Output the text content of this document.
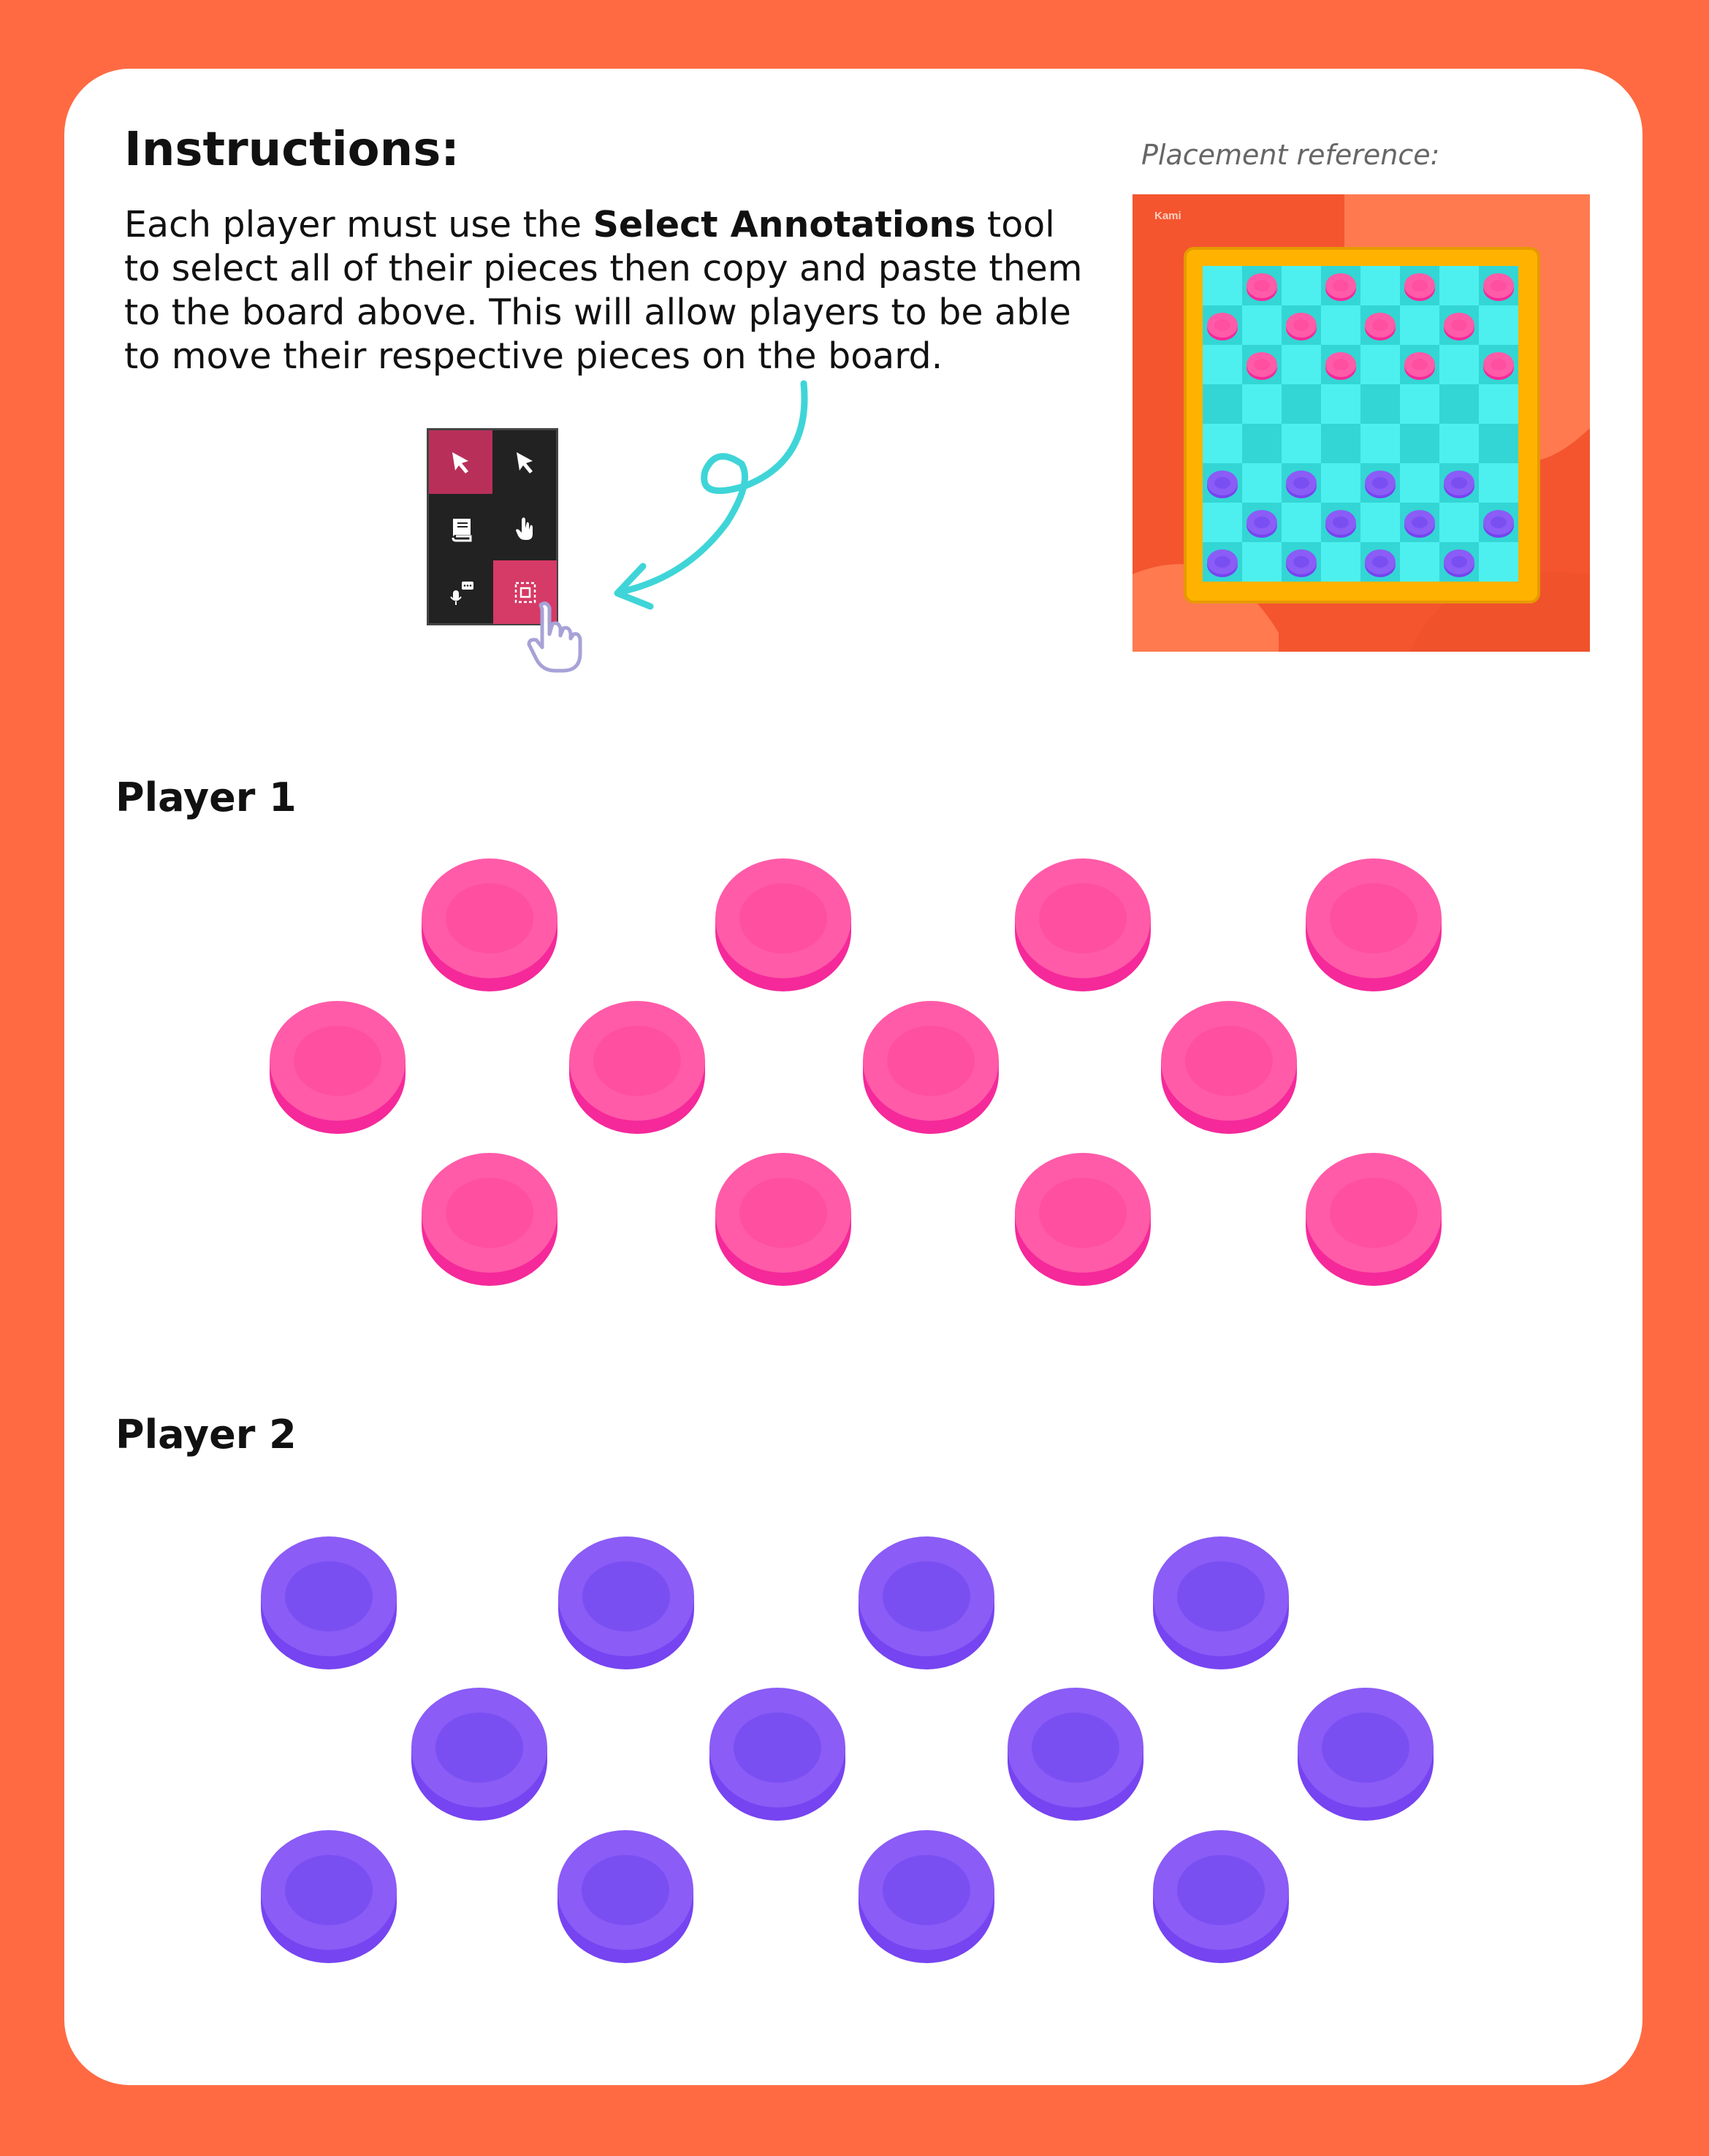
Instructions:

Each player must use the Select Annotations tool to select all of their pieces then copy and paste them to the board above. This will allow players to be able to move their respective pieces on the board.

Placement reference:
Kami
Player 1
Player 2
